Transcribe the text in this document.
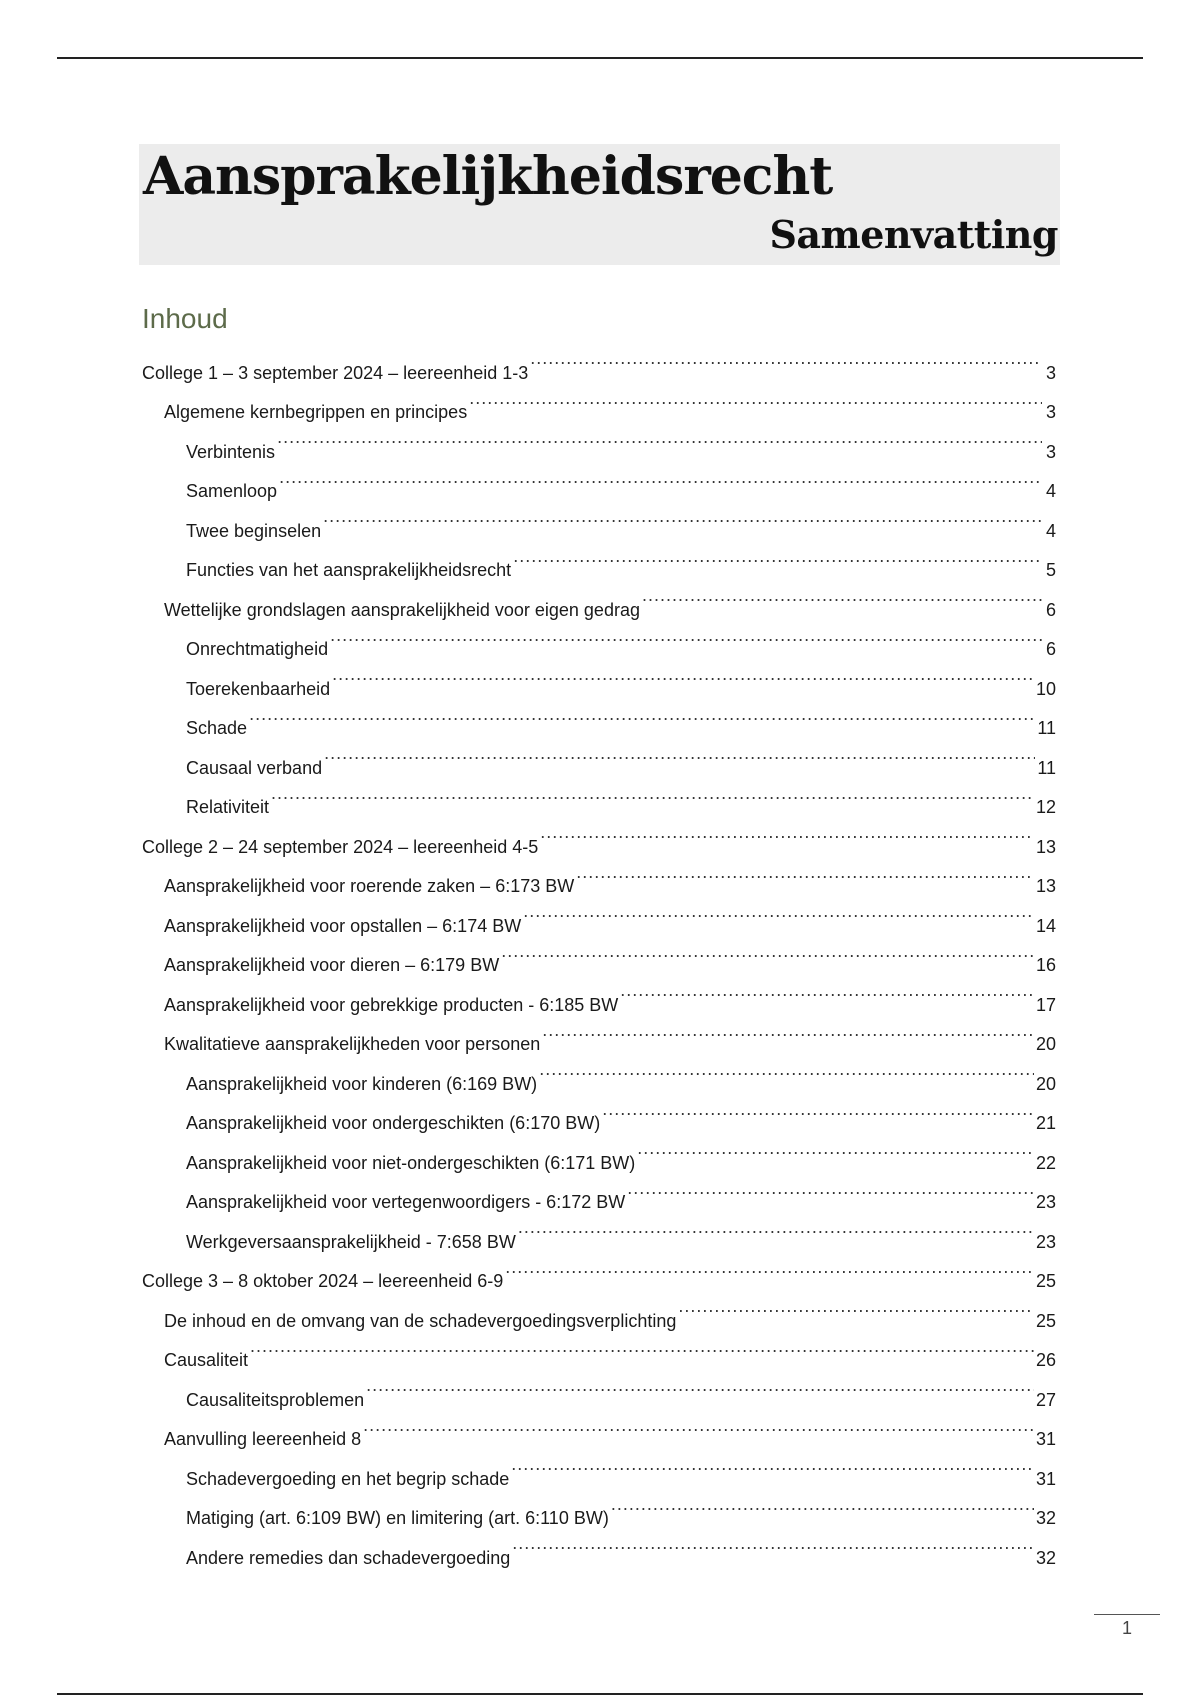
Aansprakelijkheidsrecht
Samenvatting
Inhoud
College 1 – 3 september 2024 – leereenheid 1-3 .....	3
Algemene kernbegrippen en principes .....	3
Verbintenis .....	3
Samenloop .....	4
Twee beginselen .....	4
Functies van het aansprakelijkheidsrecht .....	5
Wettelijke grondslagen aansprakelijkheid voor eigen gedrag .....	6
Onrechtmatigheid .....	6
Toerekenbaarheid .....	10
Schade .....	11
Causaal verband .....	11
Relativiteit .....	12
College 2 – 24 september 2024 – leereenheid 4-5 .....	13
Aansprakelijkheid voor roerende zaken – 6:173 BW .....	13
Aansprakelijkheid voor opstallen – 6:174 BW .....	14
Aansprakelijkheid voor dieren – 6:179 BW .....	16
Aansprakelijkheid voor gebrekkige producten - 6:185 BW .....	17
Kwalitatieve aansprakelijkheden voor personen .....	20
Aansprakelijkheid voor kinderen (6:169 BW) .....	20
Aansprakelijkheid voor ondergeschikten (6:170 BW) .....	21
Aansprakelijkheid voor niet-ondergeschikten (6:171 BW) .....	22
Aansprakelijkheid voor vertegenwoordigers - 6:172 BW .....	23
Werkgeversaansprakelijkheid - 7:658 BW .....	23
College 3 – 8 oktober 2024 – leereenheid 6-9 .....	25
De inhoud en de omvang van de schadevergoedingsverplichting .....	25
Causaliteit .....	26
Causaliteitsproblemen .....	27
Aanvulling leereenheid 8 .....	31
Schadevergoeding en het begrip schade .....	31
Matiging (art. 6:109 BW) en limitering (art. 6:110 BW) .....	32
Andere remedies dan schadevergoeding .....	32
1
